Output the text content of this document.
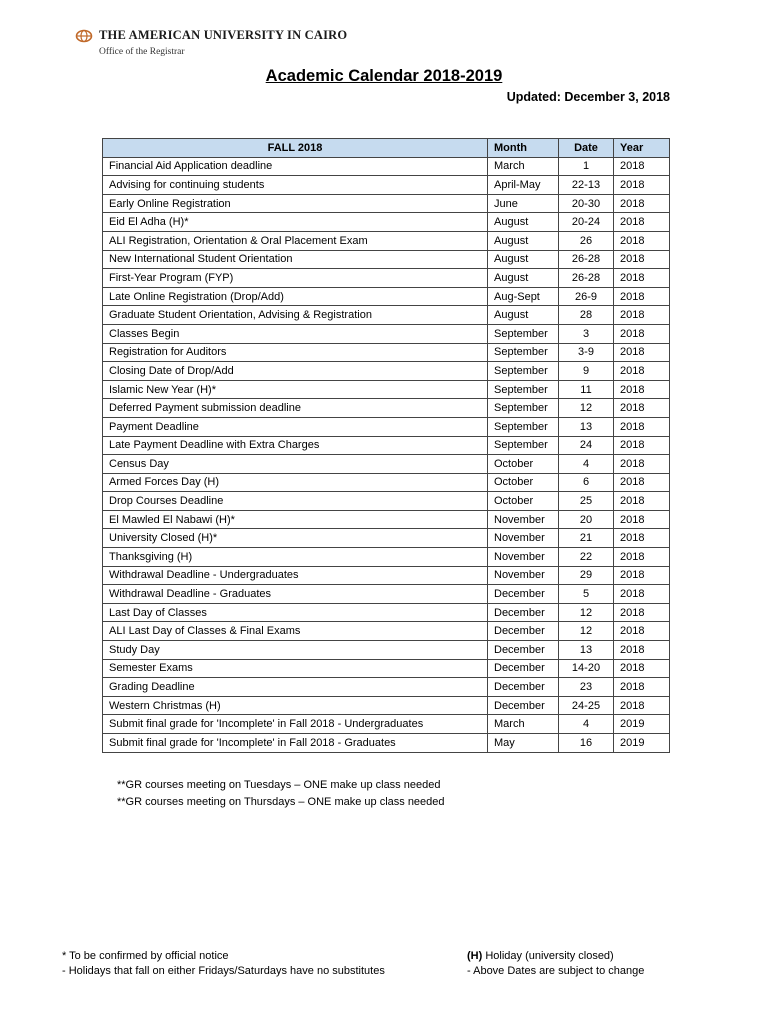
THE AMERICAN UNIVERSITY IN CAIRO
Office of the Registrar
Academic Calendar 2018-2019
Updated: December 3, 2018
FALL 2018	Month	Date	Year
Financial Aid Application deadline	March	1	2018
Advising for continuing students	April-May	22-13	2018
Early Online Registration	June	20-30	2018
Eid El Adha (H)*	August	20-24	2018
ALI Registration, Orientation & Oral Placement Exam	August	26	2018
New International Student Orientation	August	26-28	2018
First-Year Program (FYP)	August	26-28	2018
Late Online Registration (Drop/Add)	Aug-Sept	26-9	2018
Graduate Student Orientation, Advising & Registration	August	28	2018
Classes Begin	September	3	2018
Registration for Auditors	September	3-9	2018
Closing Date of Drop/Add	September	9	2018
Islamic New Year (H)*	September	11	2018
Deferred Payment submission deadline	September	12	2018
Payment Deadline	September	13	2018
Late Payment Deadline with Extra Charges	September	24	2018
Census Day	October	4	2018
Armed Forces Day (H)	October	6	2018
Drop Courses Deadline	October	25	2018
El Mawled El Nabawi (H)*	November	20	2018
University Closed (H)*	November	21	2018
Thanksgiving (H)	November	22	2018
Withdrawal Deadline - Undergraduates	November	29	2018
Withdrawal Deadline - Graduates	December	5	2018
Last Day of Classes	December	12	2018
ALI Last Day of Classes & Final Exams	December	12	2018
Study Day	December	13	2018
Semester Exams	December	14-20	2018
Grading Deadline	December	23	2018
Western Christmas (H)	December	24-25	2018
Submit final grade for 'Incomplete' in Fall 2018 - Undergraduates	March	4	2019
Submit final grade for 'Incomplete' in Fall 2018 - Graduates	May	16	2019
**GR courses meeting on Tuesdays – ONE make up class needed
**GR courses meeting on Thursdays – ONE make up class needed
* To be confirmed by official notice
- Holidays that fall on either Fridays/Saturdays have no substitutes
(H) Holiday (university closed)
- Above Dates are subject to change
